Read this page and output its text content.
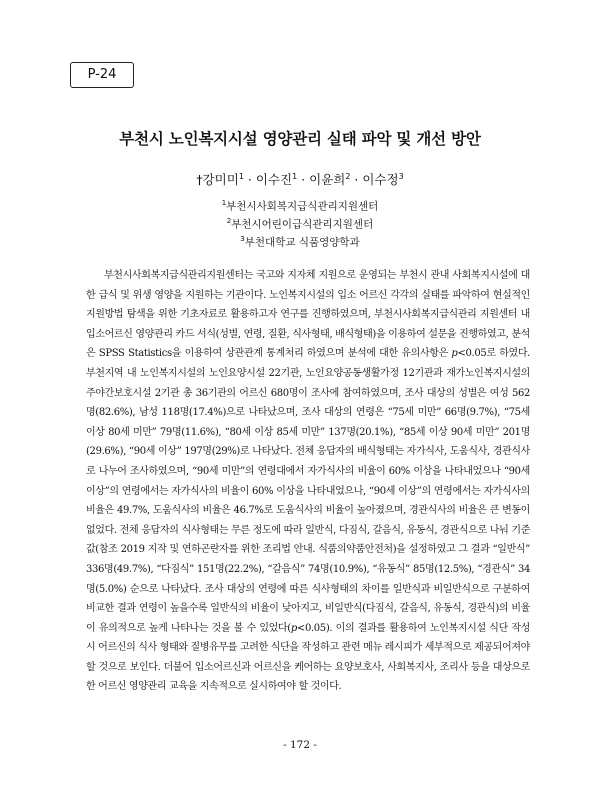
P-24
부천시 노인복지시설 영양관리 실태 파악 및 개선 방안
†강미미$^1$ · 이수진$^1$ · 이윤희$^2$ · 이수정$^3$
$^1$부천시사회복지급식관리지원센터
$^2$부천시어린이급식관리지원센터
$^3$부천대학교 식품영양학과

부천시사회복지급식관리지원센터는 국고와 지자체 지원으로 운영되는 부천시 관내 사회복지시설에 대한 급식 및 위생 영양을 지원하는 기관이다. 노인복지시설의 입소 어르신 각각의 실태를 파악하여 현실적인 지원방법 탐색을 위한 기초자료로 활용하고자 연구를 진행하였으며, 부천시사회복지급식관리 지원센터 내 입소어르신 영양관리 카드 서식(성별, 연령, 질환, 식사형태, 배식형태)을 이용하여 설문을 진행하였고, 분석은 SPSS Statistics을 이용하여 상관관계 통계처리 하였으며 분석에 대한 유의사항은 p<0.05로 하였다. 부천지역 내 노인복지시설의 노인요양시설 22기관, 노인요양공동생활가정 12기관과 재가노인복지시설의 주야간보호시설 2기관 총 36기관의 어르신 680명이 조사에 참여하였으며, 조사 대상의 성별은 여성 562명(82.6%), 남성 118명(17.4%)으로 나타났으며, 조사 대상의 연령은 “75세 미만” 66명(9.7%), “75세 이상 80세 미만” 79명(11.6%), “80세 이상 85세 미만” 137명(20.1%), “85세 이상 90세 미만” 201명(29.6%), “90세 이상” 197명(29%)로 나타났다. 전체 응답자의 배식형태는 자가식사, 도움식사, 경관식사로 나누어 조사하였으며, “90세 미만”의 연령대에서 자가식사의 비율이 60% 이상을 나타내었으나 “90세 이상”의 연령에서는 자가식사의 비율이 60% 이상을 나타내었으나, “90세 이상”의 연령에서는 자가식사의 비율은 49.7%, 도움식사의 비율은 46.7%로 도움식사의 비율이 높아졌으며, 경관식사의 비율은 큰 변동이 없었다. 전체 응답자의 식사형태는 무른 정도에 따라 일반식, 다짐식, 갈음식, 유동식, 경관식으로 나눠 기준값(참조 2019 지작 및 연하곤란자를 위한 조리법 안내. 식품의약품안전처)을 설정하였고 그 결과 “일반식” 336명(49.7%), “다짐식” 151명(22.2%), “갈음식” 74명(10.9%), “유동식” 85명(12.5%), “경관식” 34명(5.0%) 순으로 나타났다. 조사 대상의 연령에 따른 식사형태의 차이를 일반식과 비일반식으로 구분하여 비교한 결과 연령이 높을수록 일반식의 비율이 낮아지고, 비일반식(다짐식, 갈음식, 유동식, 경관식)의 비율이 유의적으로 높게 나타나는 것을 볼 수 있었다(p<0.05). 이의 결과를 활용하여 노인복지시설 식단 작성 시 어르신의 식사 형태와 질병유무를 고려한 식단을 작성하고 관련 메뉴 레시피가 세부적으로 제공되어져야 할 것으로 보인다. 더불어 입소어르신과 어르신을 케어하는 요양보호사, 사회복지사, 조리사 등을 대상으로 한 어르신 영양관리 교육을 지속적으로 실시하여야 할 것이다.

- 172 -
